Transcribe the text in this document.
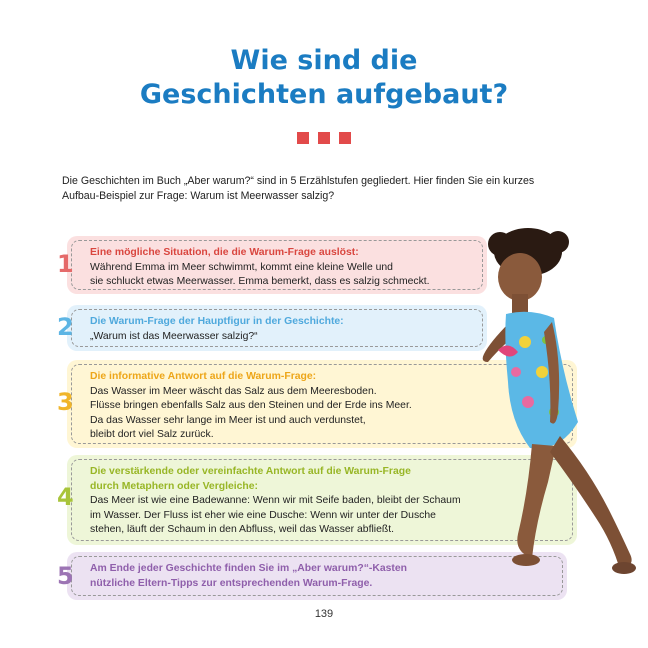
Wie sind die
Geschichten aufgebaut?
Die Geschichten im Buch „Aber warum?“ sind in 5 Erzählstufen gegliedert. Hier finden Sie ein kurzes
Aufbau-Beispiel zur Frage: Warum ist Meerwasser salzig?
1 Eine mögliche Situation, die die Warum-Frage auslöst:
Während Emma im Meer schwimmt, kommt eine kleine Welle und
sie schluckt etwas Meerwasser. Emma bemerkt, dass es salzig schmeckt.
2 Die Warum-Frage der Hauptfigur in der Geschichte:
„Warum ist das Meerwasser salzig?“
3
Die informative Antwort auf die Warum-Frage:
Das Wasser im Meer wäscht das Salz aus dem Meeresboden.
Flüsse bringen ebenfalls Salz aus den Steinen und der Erde ins Meer.
Da das Wasser sehr lange im Meer ist und auch verdunstet,
bleibt dort viel Salz zurück.
4
Die verstärkende oder vereinfachte Antwort auf die Warum-Frage
durch Metaphern oder Vergleiche:
Das Meer ist wie eine Badewanne: Wenn wir mit Seife baden, bleibt der Schaum
im Wasser. Der Fluss ist eher wie eine Dusche: Wenn wir unter der Dusche
stehen, läuft der Schaum in den Abfluss, weil das Wasser abfließt.
5 Am Ende jeder Geschichte finden Sie im „Aber warum?“-Kasten
nützliche Eltern-Tipps zur entsprechenden Warum-Frage.
139
